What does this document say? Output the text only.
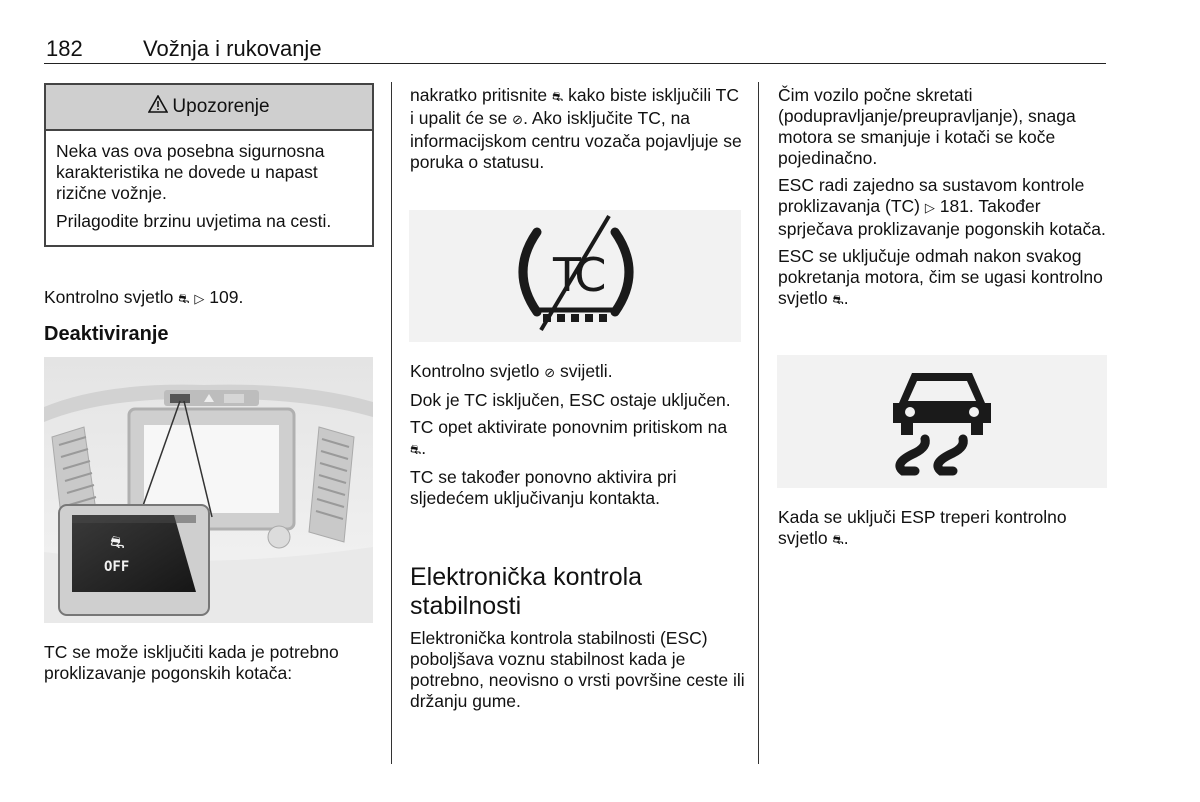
182	Vožnja i rukovanje
Upozorenje

Neka vas ova posebna sigurnosna karakteristika ne dovede u napast rizične vožnje.

Prilagodite brzinu uvjetima na cesti.

Kontrolno svjetlo ⛐ ▷ 109.
Deaktiviranje
⛐
OFF
TC se može isključiti kada je potrebno proklizavanje pogonskih kotača:
nakratko pritisnite ⛐ kako biste isključili TC i upalit će se ⊘. Ako isključite TC, na informacijskom centru vozača pojavljuje se poruka o statusu.
TC

Kontrolno svjetlo ⊘ svijetli.

Dok je TC isključen, ESC ostaje uključen.

TC opet aktivirate ponovnim pritiskom na ⛐.

TC se također ponovno aktivira pri sljedećem uključivanju kontakta.

Elektronička kontrola stabilnosti
Elektronička kontrola stabilnosti (ESC) poboljšava voznu stabilnost kada je potrebno, neovisno o vrsti površine ceste ili držanju gume.

Čim vozilo počne skretati (podupravljanje/preupravljanje), snaga motora se smanjuje i kotači se koče pojedinačno.

ESC radi zajedno sa sustavom kontrole proklizavanja (TC) ▷ 181. Također sprječava proklizavanje pogonskih kotača.

ESC se uključuje odmah nakon svakog pokretanja motora, čim se ugasi kontrolno svjetlo ⛐.

Kada se uključi ESP treperi kontrolno svjetlo ⛐.
